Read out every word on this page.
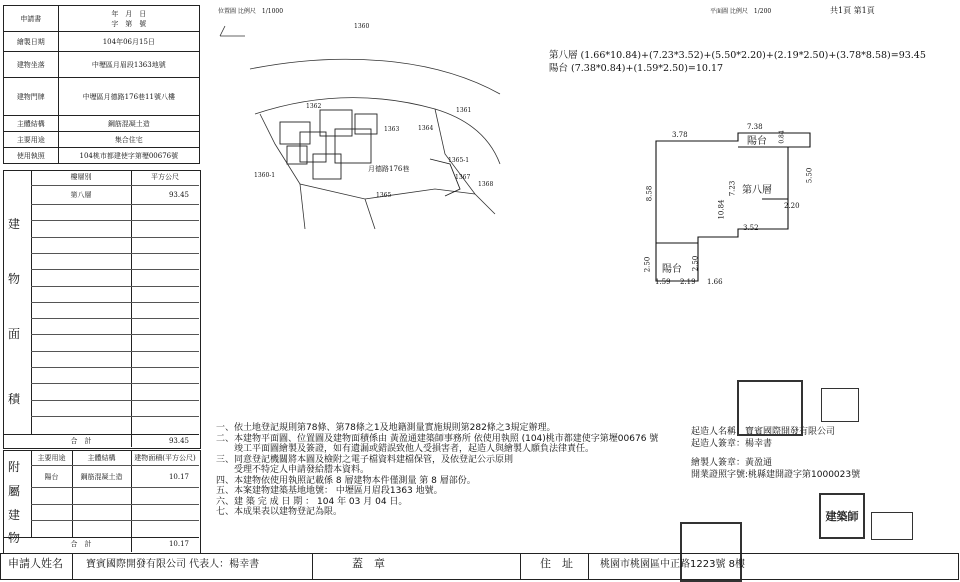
申請書	年　月　日
字　第　號

繪製日期	104年06月15日
建物坐落	中壢區月眉段1363地號
建物門牌	中壢區月德路176巷11號八樓
主體結構	鋼筋混凝土造
主要用途	集合住宅
使用執照	104桃市都建使字第壢00676號
樓層別	平方公尺
第八層	93.45
建
物
面
積
合　計	93.45
主要用途	主體結構	建物面積(平方公尺)
陽台	鋼筋混凝土造	10.17
附
屬
建
物	合　計	10.17
位置圖 比例尺　1/1000
1360
1361
1362
1363	1364
1365
1365-1
1367
1368
1360-1
月德路176巷
平面圖 比例尺　1/200	共1頁 第1頁
第八層 (1.66*10.84)+(7.23*3.52)+(5.50*2.20)+(2.19*2.50)+(3.78*8.58)=93.45
陽台 (7.38*0.84)+(1.59*2.50)=10.17
3.78
7.38
0.84
8.58	7.23
5.50
10.84	2.20
3.52
2.50	2.50
1.59 2.19 1.66
第八層
陽台
陽台
一、依土地登記規則第78條、第78條之1及地籍測量實施規則第282條之3規定辦理。
二、本建物平面圖、位置圖及建物面積係由 黃盈通建築師事務所 依使用執照 (104)桃市都建使字第壢00676 號
　　竣工平面圖繪製及簽證，如有遺漏或錯誤致他人受損害者，起造人與繪製人願負法律責任。
三、同意登記機關將本圖及檢附之電子檔資料建檔保管，及依登記公示原則
　　受理不特定人申請發給謄本資料。
四、本建物依使用執照記載係 8 層建物本件僅測量 第 8 層部份。
五、本案建物建築基地地號： 中壢區月眉段1363 地號。
六、建 築 完 成 日 期 ： 104 年 03 月 04 日。
七、本成果表以建物登記為限。
起造人名稱：寶賓國際開發有限公司
起造人簽章：楊幸書
繪製人簽章：黃盈通
開業證照字號:桃縣建開證字第1000023號
建築師
申請人姓名 寶賓國際開發有限公司 代表人：楊幸書	蓋　章	住　址	桃園市桃園區中正路1223號 8樓
